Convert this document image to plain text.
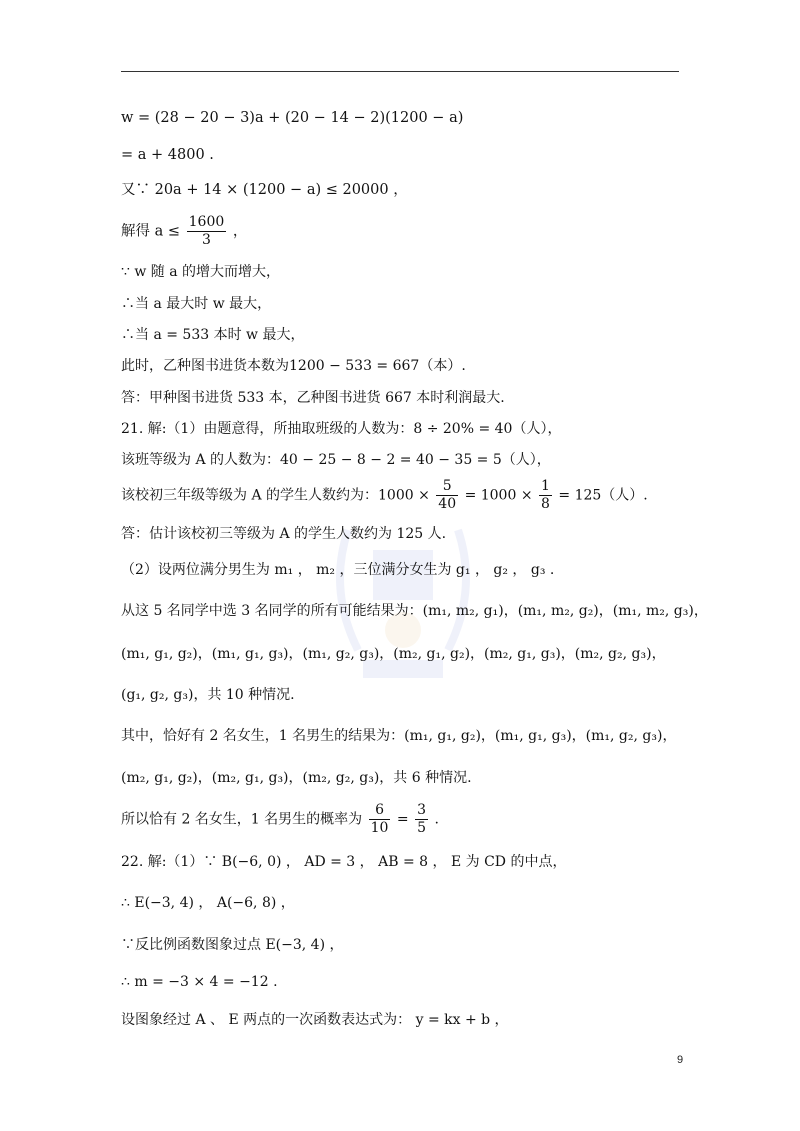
w = (28 − 20 − 3)a + (20 − 14 − 2)(1200 − a)
= a + 4800 .
又∵ 20a + 14 × (1200 − a) ≤ 20000 ，
解得 $a \le \frac{1600}{3}$ ，
∵ w 随 a 的增大而增大，
∴当 a 最大时 w 最大，
∴当 a = 533 本时 w 最大，
此时，乙种图书进货本数为1200 − 533 = 667（本）.
答：甲种图书进货 533 本，乙种图书进货 667 本时利润最大.
21. 解:（1）由题意得，所抽取班级的人数为：8 ÷ 20% = 40（人），
该班等级为 A 的人数为：40 − 25 − 8 − 2 = 40 − 35 = 5（人），
该校初三年级等级为 A 的学生人数约为：$1000 \times \frac{5}{40} = 1000 \times \frac{1}{8} = 125$（人）.
答：估计该校初三等级为 A 的学生人数约为 125 人.
（2）设两位满分男生为 m₁ ， m₂ ，三位满分女生为 g₁ ， g₂ ， g₃ .
从这 5 名同学中选 3 名同学的所有可能结果为：(m₁, m₂, g₁)，(m₁, m₂, g₂)，(m₁, m₂, g₃)，
(m₁, g₁, g₂)，(m₁, g₁, g₃)，(m₁, g₂, g₃)，(m₂, g₁, g₂)，(m₂, g₁, g₃)，(m₂, g₂, g₃)，
(g₁, g₂, g₃)，共 10 种情况.
其中，恰好有 2 名女生，1 名男生的结果为：(m₁, g₁, g₂)，(m₁, g₁, g₃)，(m₁, g₂, g₃)，
(m₂, g₁, g₂)，(m₂, g₁, g₃)，(m₂, g₂, g₃)，共 6 种情况.
所以恰有 2 名女生，1 名男生的概率为 $\frac{6}{10} = \frac{3}{5}$ .
22. 解:（1）∵ B(−6, 0) ， AD = 3 ， AB = 8 ， E 为 CD 的中点，
∴ E(−3, 4) ， A(−6, 8) ，
∵反比例函数图象过点 E(−3, 4) ，
∴ m = −3 × 4 = −12 .
设图象经过 A 、 E 两点的一次函数表达式为： y = kx + b ，
9
